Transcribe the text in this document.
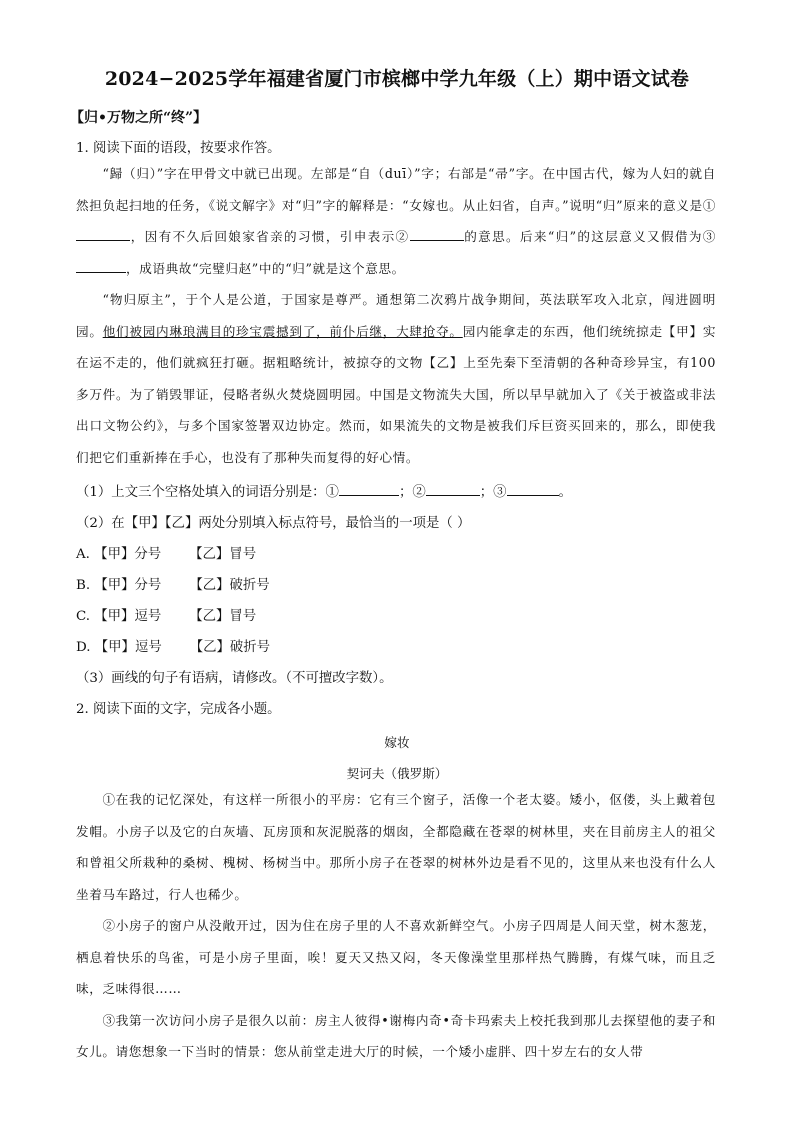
2024−2025学年福建省厦门市槟榔中学九年级（上）期中语文试卷
【归•万物之所“终”】
1. 阅读下面的语段，按要求作答。

“歸（归）”字在甲骨文中就已出现。左部是“自（duī）”字；右部是“帚”字。在中国古代，嫁为人妇的就自然担负起扫地的任务，《说文解字》对“归”字的解释是：“女嫁也。从止妇省，自声。”说明“归”原来的意义是①，因有不久后回娘家省亲的习惯，引申表示②	的意思。后来“归”的这层意义又假借为③，成语典故“完璧归赵”中的“归”就是这个意思。

“物归原主”，于个人是公道，于国家是尊严。通想第二次鸦片战争期间，英法联军攻入北京，闯进圆明园。他们被园内琳琅满目的珍宝震撼到了，前仆后继，大肆抢夺。园内能拿走的东西，他们统统掠走【甲】实在运不走的，他们就疯狂打砸。据粗略统计，被掠夺的文物【乙】上至先秦下至清朝的各种奇珍异宝，有100多万件。为了销毁罪证，侵略者纵火焚烧圆明园。中国是文物流失大国，所以早早就加入了《关于被盗或非法出口文物公约》，与多个国家签署双边协定。然而，如果流失的文物是被我们斥巨资买回来的，那么，即使我们把它们重新捧在手心，也没有了那种失而复得的好心情。

（1）上文三个空格处填入的词语分别是：①	；②	；③	。
（2）在【甲】【乙】两处分别填入标点符号，最恰当的一项是（ ）
A. 【甲】分号 【乙】冒号
B. 【甲】分号 【乙】破折号
C. 【甲】逗号 【乙】冒号
D. 【甲】逗号 【乙】破折号
（3）画线的句子有语病，请修改。（不可擅改字数）。
2. 阅读下面的文字，完成各小题。
嫁妆
契诃夫（俄罗斯）

①在我的记忆深处，有这样一所很小的平房：它有三个窗子，活像一个老太婆。矮小，伛偻，头上戴着包发帽。小房子以及它的白灰墙、瓦房顶和灰泥脱落的烟囱，全都隐藏在苍翠的树林里，夹在目前房主人的祖父和曾祖父所栽种的桑树、槐树、杨树当中。那所小房子在苍翠的树林外边是看不见的，这里从来也没有什么人坐着马车路过，行人也稀少。

②小房子的窗户从没敞开过，因为住在房子里的人不喜欢新鲜空气。小房子四周是人间天堂，树木葱茏，栖息着快乐的鸟雀，可是小房子里面，唉！夏天又热又闷，冬天像澡堂里那样热气腾腾，有煤气味，而且乏味，乏味得很……

③我第一次访问小房子是很久以前：房主人彼得•谢梅内奇•奇卡玛索夫上校托我到那儿去探望他的妻子和女儿。请您想象一下当时的情景：您从前堂走进大厅的时候，一个矮小虚胖、四十岁左右的女人带
